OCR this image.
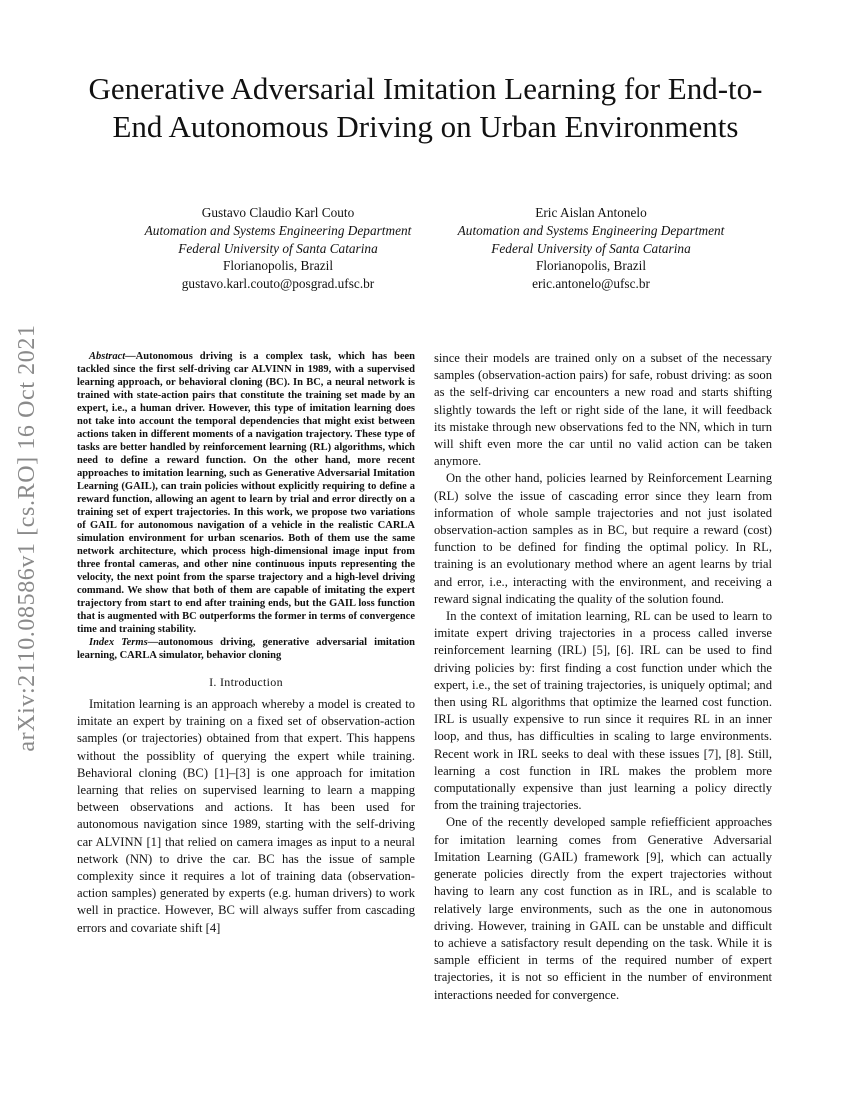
arXiv:2110.08586v1 [cs.RO] 16 Oct 2021
Generative Adversarial Imitation Learning for End-to-End Autonomous Driving on Urban Environments
Gustavo Claudio Karl Couto
Automation and Systems Engineering Department
Federal University of Santa Catarina
Florianopolis, Brazil
gustavo.karl.couto@posgrad.ufsc.br
Eric Aislan Antonelo
Automation and Systems Engineering Department
Federal University of Santa Catarina
Florianopolis, Brazil
eric.antonelo@ufsc.br

Abstract—Autonomous driving is a complex task, which has been tackled since the first self-driving car ALVINN in 1989, with a supervised learning approach, or behavioral cloning (BC). In BC, a neural network is trained with state-action pairs that constitute the training set made by an expert, i.e., a human driver. However, this type of imitation learning does not take into account the temporal dependencies that might exist between actions taken in different moments of a navigation trajectory. These type of tasks are better handled by reinforcement learning (RL) algorithms, which need to define a reward function. On the other hand, more recent approaches to imitation learning, such as Generative Adversarial Imitation Learning (GAIL), can train policies without explicitly requiring to define a reward function, allowing an agent to learn by trial and error directly on a training set of expert trajectories. In this work, we propose two variations of GAIL for autonomous navigation of a vehicle in the realistic CARLA simulation environment for urban scenarios. Both of them use the same network architecture, which process high-dimensional image input from three frontal cameras, and other nine continuous inputs representing the velocity, the next point from the sparse trajectory and a high-level driving command. We show that both of them are capable of imitating the expert trajectory from start to end after training ends, but the GAIL loss function that is augmented with BC outperforms the former in terms of convergence time and training stability.

Index Terms—autonomous driving, generative adversarial imitation learning, CARLA simulator, behavior cloning

I. Introduction

Imitation learning is an approach whereby a model is created to imitate an expert by training on a fixed set of observation-action samples (or trajectories) obtained from that expert. This happens without the possiblity of querying the expert while training. Behavioral cloning (BC) [1]–[3] is one approach for imitation learning that relies on supervised learning to learn a mapping between observations and actions. It has been used for autonomous navigation since 1989, starting with the self-driving car ALVINN [1] that relied on camera images as input to a neural network (NN) to drive the car. BC has the issue of sample complexity since it requires a lot of training data (observation-action samples) generated by experts (e.g. human drivers) to work well in practice. However, BC will always suffer from cascading errors and covariate shift [4]

since their models are trained only on a subset of the necessary samples (observation-action pairs) for safe, robust driving: as soon as the self-driving car encounters a new road and starts shifting slightly towards the left or right side of the lane, it will feedback its mistake through new observations fed to the NN, which in turn will shift even more the car until no valid action can be taken anymore.

On the other hand, policies learned by Reinforcement Learning (RL) solve the issue of cascading error since they learn from information of whole sample trajectories and not just isolated observation-action samples as in BC, but require a reward (cost) function to be defined for finding the optimal policy. In RL, training is an evolutionary method where an agent learns by trial and error, i.e., interacting with the environment, and receiving a reward signal indicating the quality of the solution found.

In the context of imitation learning, RL can be used to learn to imitate expert driving trajectories in a process called inverse reinforcement learning (IRL) [5], [6]. IRL can be used to find driving policies by: first finding a cost function under which the expert, i.e., the set of training trajectories, is uniquely optimal; and then using RL algorithms that optimize the learned cost function. IRL is usually expensive to run since it requires RL in an inner loop, and thus, has difficulties in scaling to large environments. Recent work in IRL seeks to deal with these issues [7], [8]. Still, learning a cost function in IRL makes the problem more computationally expensive than just learning a policy directly from the training trajectories.

One of the recently developed sample refiefficient approaches for imitation learning comes from Generative Adversarial Imitation Learning (GAIL) framework [9], which can actually generate policies directly from the expert trajectories without having to learn any cost function as in IRL, and is scalable to relatively large environments, such as the one in autonomous driving. However, training in GAIL can be unstable and difficult to achieve a satisfactory result depending on the task. While it is sample efficient in terms of the required number of expert trajectories, it is not so efficient in the number of environment interactions needed for convergence.
